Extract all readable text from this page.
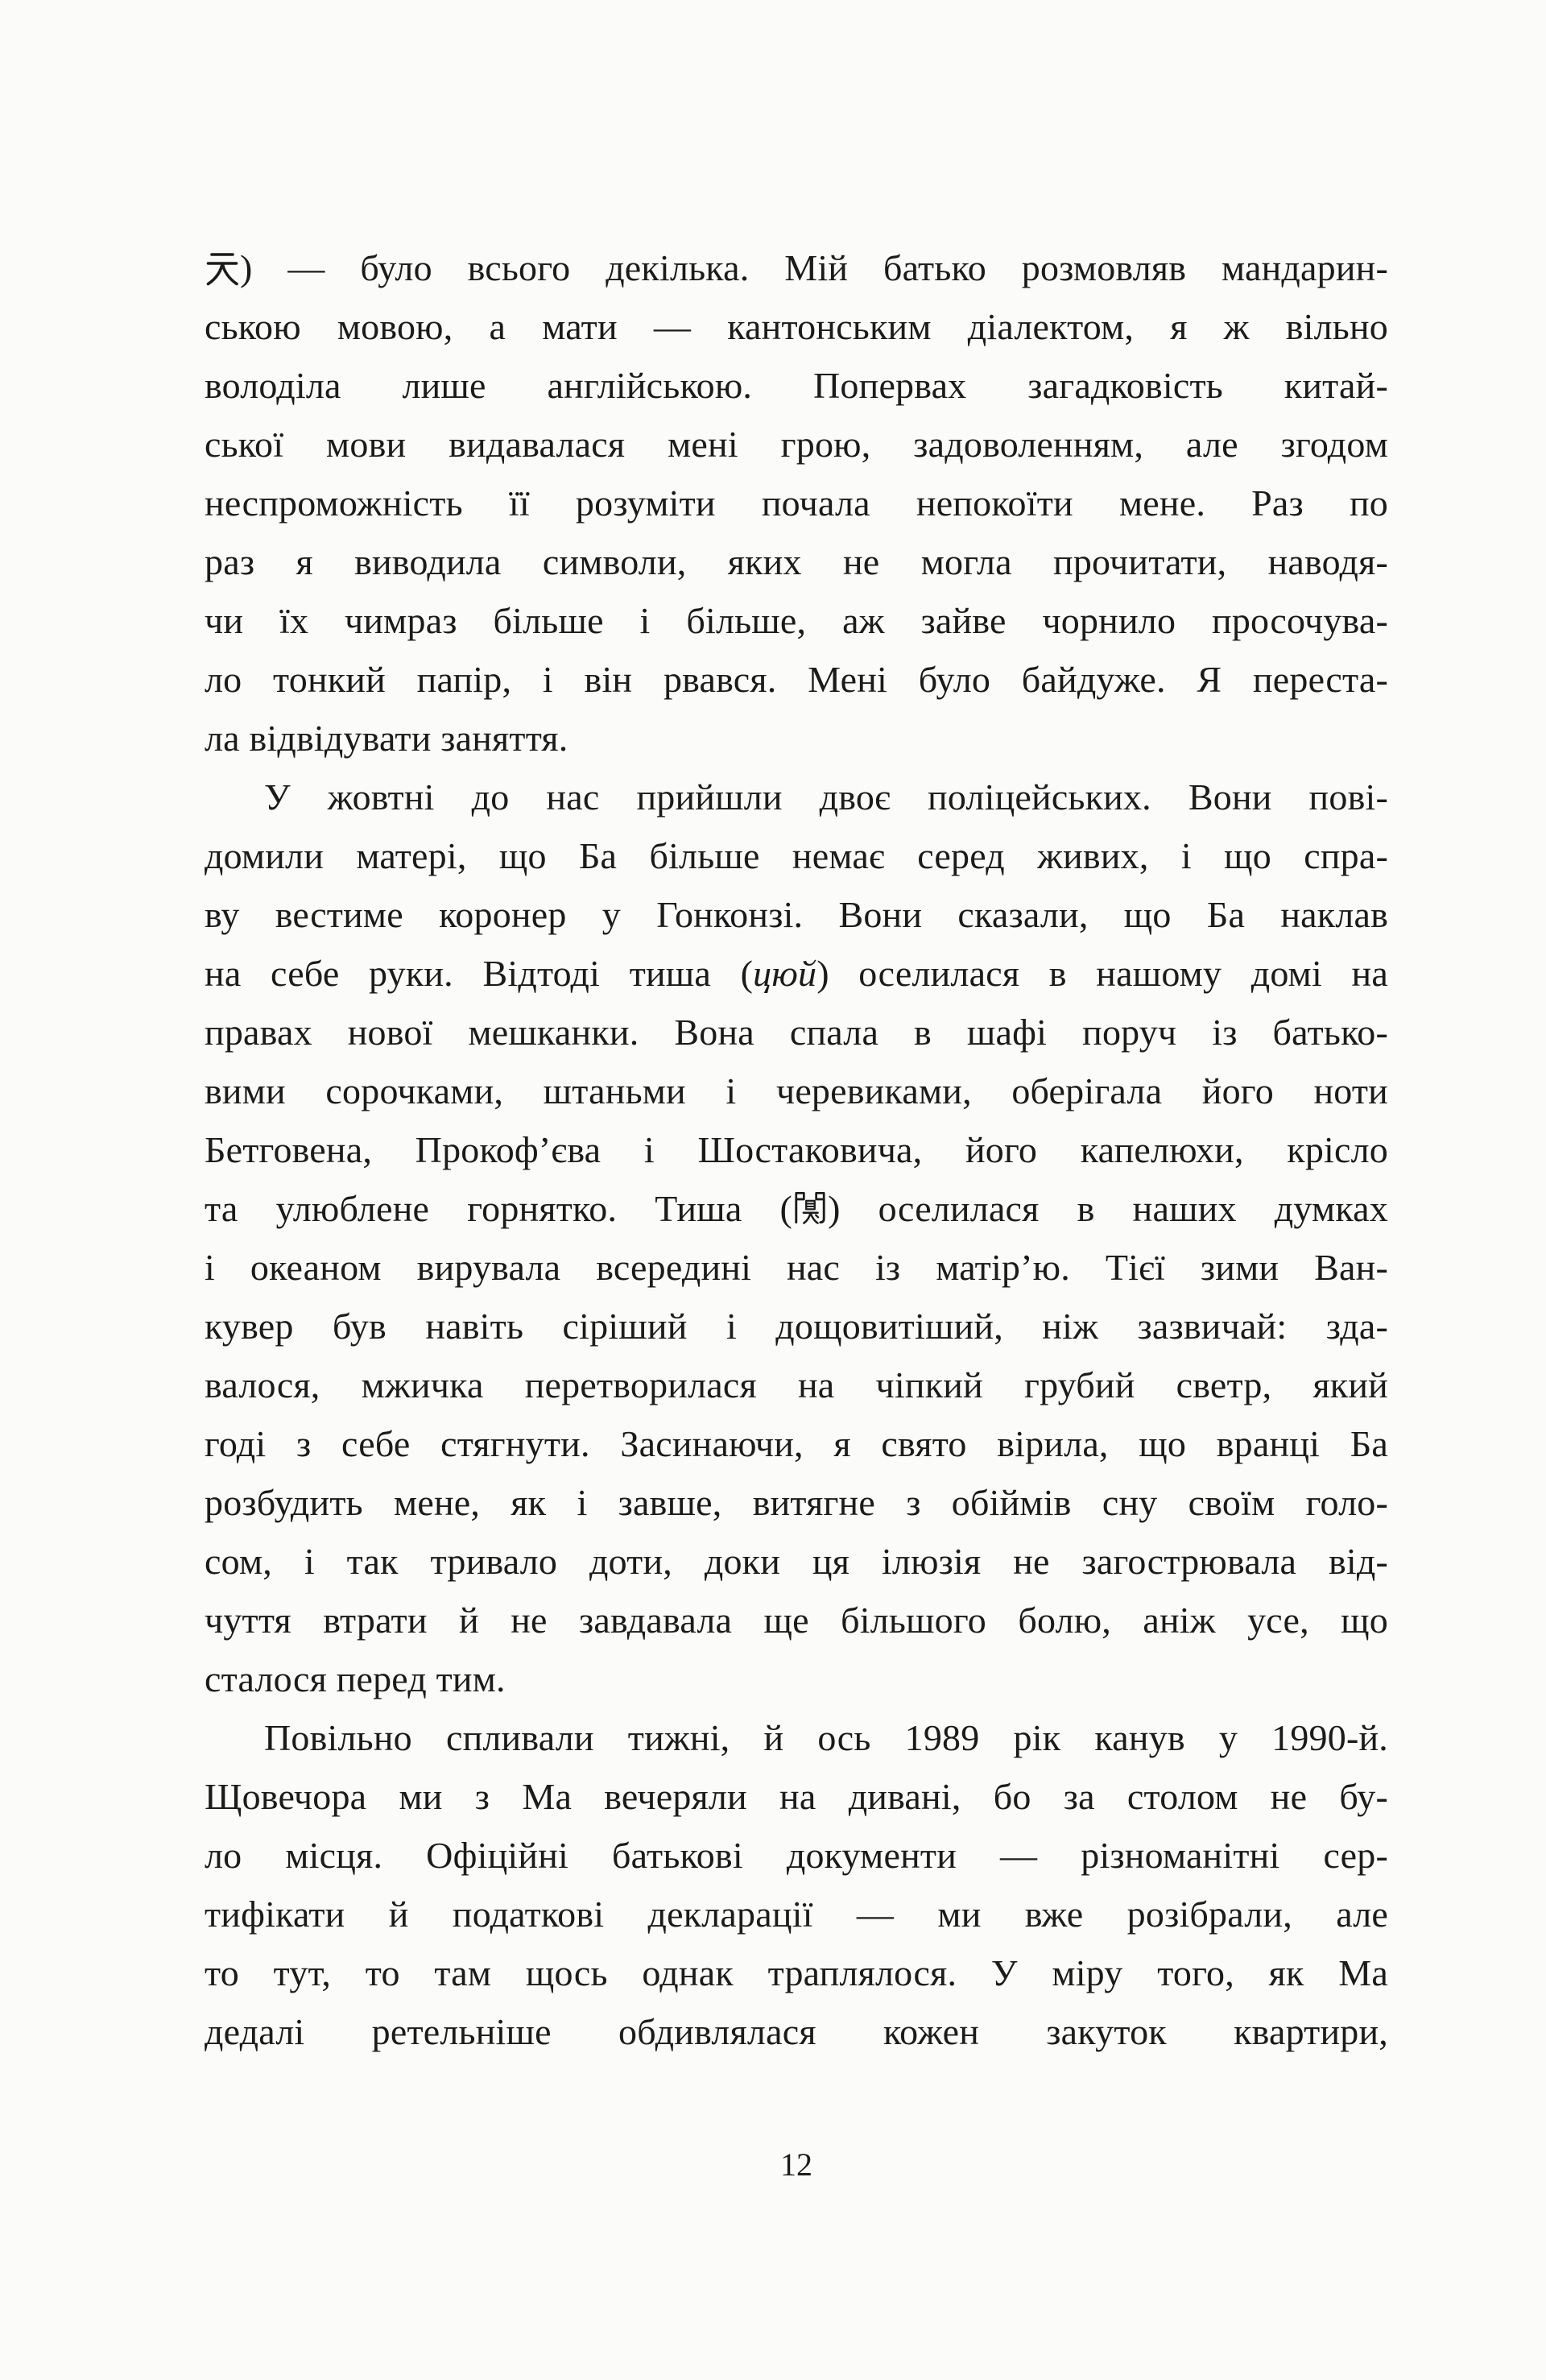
) — було всього декілька. Мій батько розмовляв мандарин-
ською мовою, а мати — кантонським діалектом, я ж вільно
володіла лише англійською. Попервах загадковість китай-
ської мови видавалася мені грою, задоволенням, але згодом
неспроможність її розуміти почала непокоїти мене. Раз по
раз я виводила символи, яких не могла прочитати, наводя-
чи їх чимраз більше і більше, аж зайве чорнило просочува-
ло тонкий папір, і він рвався. Мені було байдуже. Я переста-
ла відвідувати заняття.
У жовтні до нас прийшли двоє поліцейських. Вони пові-
домили матері, що Ба більше немає серед живих, і що спра-
ву вестиме коронер у Гонконзі. Вони сказали, що Ба наклав
на себе руки. Відтоді тиша (цюй) оселилася в нашому домі на
правах нової мешканки. Вона спала в шафі поруч із батько-
вими сорочками, штаньми і черевиками, оберігала його ноти
Бетговена, Прокоф’єва і Шостаковича, його капелюхи, крісло
та улюблене горнятко. Тиша ( ) оселилася в наших думках
і океаном вирувала всередині нас із матір’ю. Тієї зими Ван-
кувер був навіть сіріший і дощовитіший, ніж зазвичай: зда-
валося, мжичка перетворилася на чіпкий грубий светр, який
годі з себе стягнути. Засинаючи, я свято вірила, що вранці Ба
розбудить мене, як і завше, витягне з обіймів сну своїм голо-
сом, і так тривало доти, доки ця ілюзія не загострювала від-
чуття втрати й не завдавала ще більшого болю, аніж усе, що
сталося перед тим.
Повільно спливали тижні, й ось 1989 рік канув у 1990-й.
Щовечора ми з Ма вечеряли на дивані, бо за столом не бу-
ло місця. Офіційні батькові документи — різноманітні сер-
тифікати й податкові декларації — ми вже розібрали, але
то тут, то там щось однак траплялося. У міру того, як Ма
дедалі ретельніше обдивлялася кожен закуток квартири,
12
